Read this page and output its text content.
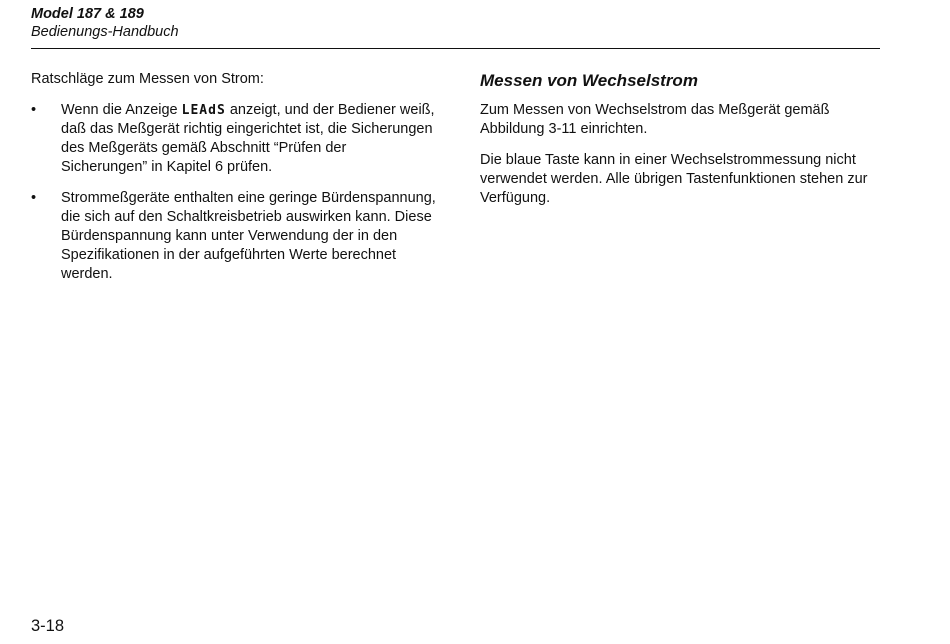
Model 187 & 189
Bedienungs-Handbuch

Ratschläge zum Messen von Strom:

•	Wenn die Anzeige LEAdS anzeigt, und der Bediener weiß, daß das Meßgerät richtig eingerichtet ist, die Sicherungen des Meßgeräts gemäß Abschnitt “Prüfen der Sicherungen” in Kapitel 6 prüfen.
•	Strommeßgeräte enthalten eine geringe Bürdenspannung, die sich auf den Schaltkreisbetrieb auswirken kann. Diese Bürdenspannung kann unter Verwendung der in den Spezifikationen in der aufgeführten Werte berechnet werden.
Messen von Wechselstrom

Zum Messen von Wechselstrom das Meßgerät gemäß Abbildung 3-11 einrichten.

Die blaue Taste kann in einer Wechselstrommessung nicht verwendet werden. Alle übrigen Tastenfunktionen stehen zur Verfügung.

3-18
